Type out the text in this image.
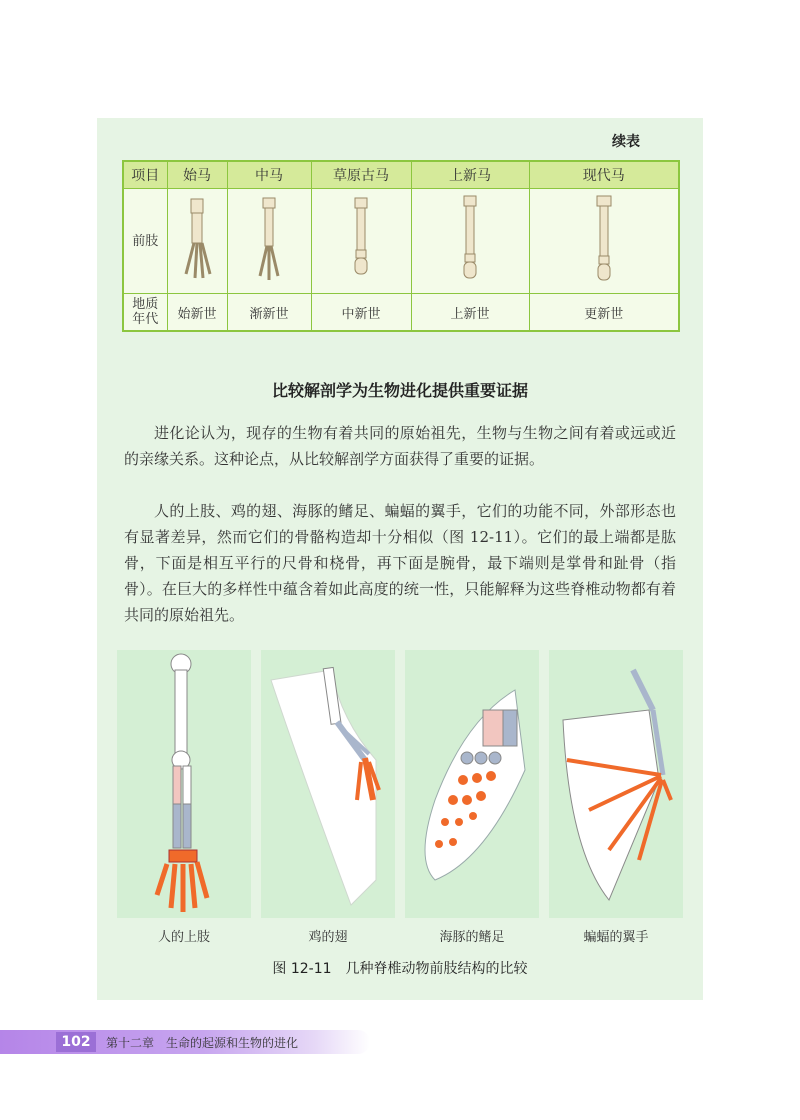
续表
项目	始马	中马	草原古马	上新马	现代马
前肢					

地质
年代	始新世	渐新世	中新世	上新世	更新世
比较解剖学为生物进化提供重要证据
进化论认为，现存的生物有着共同的原始祖先，生物与生物之间有着或远或近的亲缘关系。这种论点，从比较解剖学方面获得了重要的证据。
人的上肢、鸡的翅、海豚的鳍足、蝙蝠的翼手，它们的功能不同，外部形态也有显著差异，然而它们的骨骼构造却十分相似（图 12-11）。它们的最上端都是肱骨，下面是相互平行的尺骨和桡骨，再下面是腕骨，最下端则是掌骨和趾骨（指骨）。在巨大的多样性中蕴含着如此高度的统一性，只能解释为这些脊椎动物都有着共同的原始祖先。
人的上肢	鸡的翅	海豚的鳍足	蝙蝠的翼手
图 12-11　几种脊椎动物前肢结构的比较
102	第十二章　生命的起源和生物的进化
